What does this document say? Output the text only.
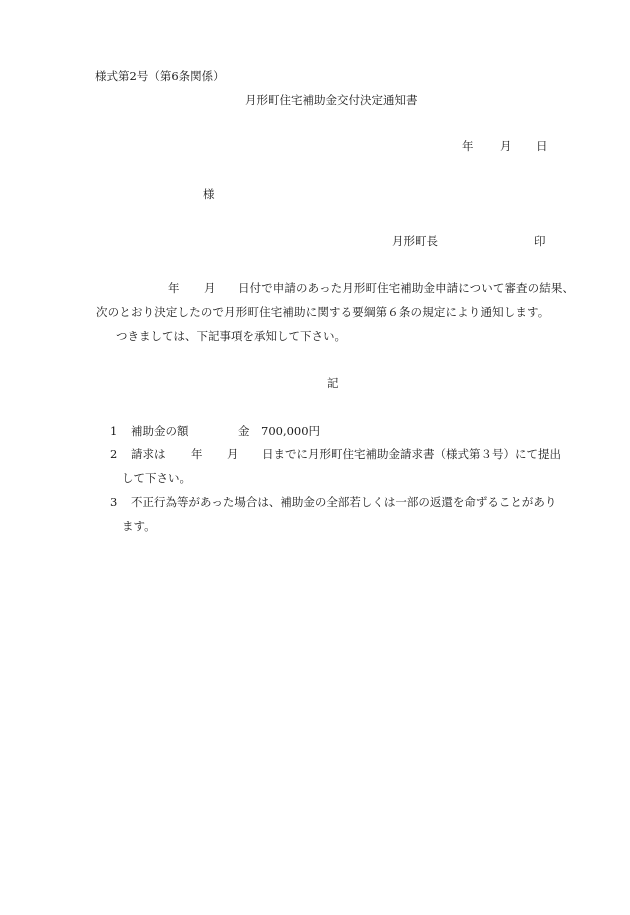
様式第2号（第6条関係）
月形町住宅補助金交付決定通知書
年 月 日
様
月形町長	印
年 月 日付で申請のあった月形町住宅補助金申請について審査の結果、
次のとおり決定したので月形町住宅補助に関する要綱第６条の規定により通知します。
つきましては、下記事項を承知して下さい。
記
1 補助金の額	金　700,000円
2 請求は 年 月 日までに月形町住宅補助金請求書（様式第３号）にて提出
して下さい。
3 不正行為等があった場合は、補助金の全部若しくは一部の返還を命ずることがあり
ます。
